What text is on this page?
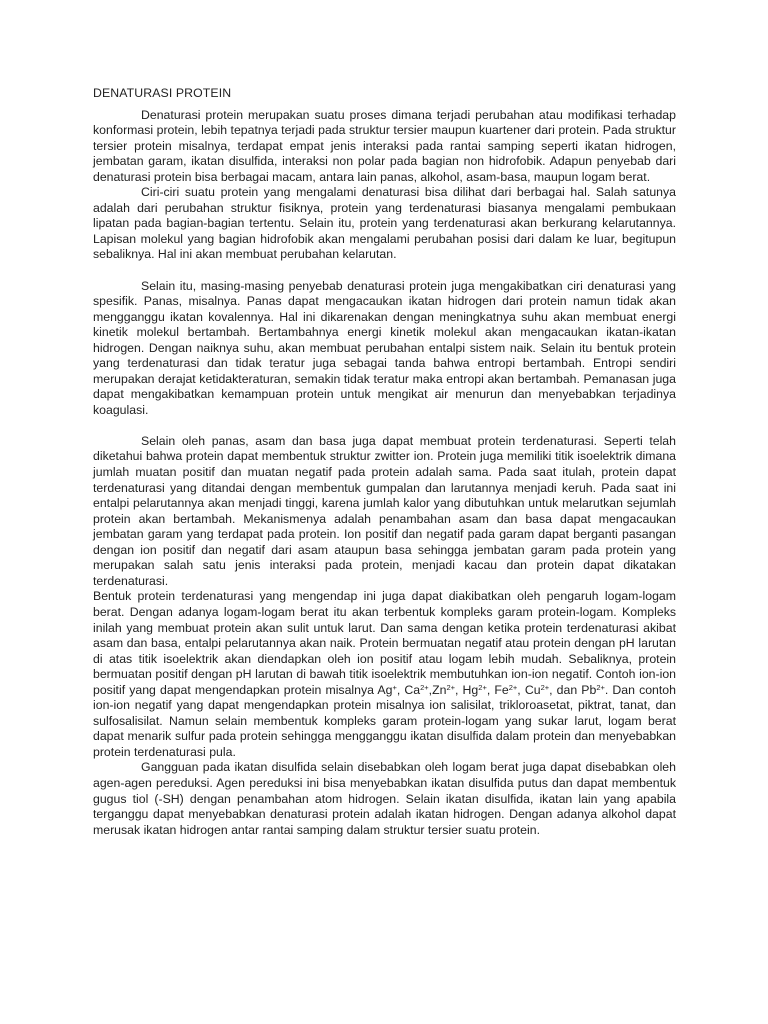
DENATURASI PROTEIN

Denaturasi protein merupakan suatu proses dimana terjadi perubahan atau modifikasi terhadap konformasi protein, lebih tepatnya terjadi pada struktur tersier maupun kuartener dari protein. Pada struktur tersier protein misalnya, terdapat empat jenis interaksi pada rantai samping seperti ikatan hidrogen, jembatan garam, ikatan disulfida, interaksi non polar pada bagian non hidrofobik. Adapun penyebab dari denaturasi protein bisa berbagai macam, antara lain panas, alkohol, asam-basa, maupun logam berat.

Ciri-ciri suatu protein yang mengalami denaturasi bisa dilihat dari berbagai hal. Salah satunya adalah dari perubahan struktur fisiknya, protein yang terdenaturasi biasanya mengalami pembukaan lipatan pada bagian-bagian tertentu. Selain itu, protein yang terdenaturasi akan berkurang kelarutannya. Lapisan molekul yang bagian hidrofobik akan mengalami perubahan posisi dari dalam ke luar, begitupun sebaliknya. Hal ini akan membuat perubahan kelarutan.

Selain itu, masing-masing penyebab denaturasi protein juga mengakibatkan ciri denaturasi yang spesifik. Panas, misalnya. Panas dapat mengacaukan ikatan hidrogen dari protein namun tidak akan mengganggu ikatan kovalennya. Hal ini dikarenakan dengan meningkatnya suhu akan membuat energi kinetik molekul bertambah. Bertambahnya energi kinetik molekul akan mengacaukan ikatan-ikatan hidrogen. Dengan naiknya suhu, akan membuat perubahan entalpi sistem naik. Selain itu bentuk protein yang terdenaturasi dan tidak teratur juga sebagai tanda bahwa entropi bertambah. Entropi sendiri merupakan derajat ketidakteraturan, semakin tidak teratur maka entropi akan bertambah. Pemanasan juga dapat mengakibatkan kemampuan protein untuk mengikat air menurun dan menyebabkan terjadinya koagulasi.

Selain oleh panas, asam dan basa juga dapat membuat protein terdenaturasi. Seperti telah diketahui bahwa protein dapat membentuk struktur zwitter ion. Protein juga memiliki titik isoelektrik dimana jumlah muatan positif dan muatan negatif pada protein adalah sama. Pada saat itulah, protein dapat terdenaturasi yang ditandai dengan membentuk gumpalan dan larutannya menjadi keruh. Pada saat ini entalpi pelarutannya akan menjadi tinggi, karena jumlah kalor yang dibutuhkan untuk melarutkan sejumlah protein akan bertambah. Mekanismenya adalah penambahan asam dan basa dapat mengacaukan jembatan garam yang terdapat pada protein. Ion positif dan negatif pada garam dapat berganti pasangan dengan ion positif dan negatif dari asam ataupun basa sehingga jembatan garam pada protein yang merupakan salah satu jenis interaksi pada protein, menjadi kacau dan protein dapat dikatakan terdenaturasi.

Bentuk protein terdenaturasi yang mengendap ini juga dapat diakibatkan oleh pengaruh logam-logam berat. Dengan adanya logam-logam berat itu akan terbentuk kompleks garam protein-logam. Kompleks inilah yang membuat protein akan sulit untuk larut. Dan sama dengan ketika protein terdenaturasi akibat asam dan basa, entalpi pelarutannya akan naik. Protein bermuatan negatif atau protein dengan pH larutan di atas titik isoelektrik akan diendapkan oleh ion positif atau logam lebih mudah. Sebaliknya, protein bermuatan positif dengan pH larutan di bawah titik isoelektrik membutuhkan ion-ion negatif. Contoh ion-ion positif yang dapat mengendapkan protein misalnya Ag+, $Ca^{2+},Zn^{2+}$, $Hg^{2+}$, $Fe^{2+}$, $Cu^{2+}$, dan $Pb^{2+}$. Dan contoh ion-ion negatif yang dapat mengendapkan protein misalnya ion salisilat, trikloroasetat, piktrat, tanat, dan sulfosalisilat. Namun selain membentuk kompleks garam protein-logam yang sukar larut, logam berat dapat menarik sulfur pada protein sehingga mengganggu ikatan disulfida dalam protein dan menyebabkan protein terdenaturasi pula.

Gangguan pada ikatan disulfida selain disebabkan oleh logam berat juga dapat disebabkan oleh agen-agen pereduksi. Agen pereduksi ini bisa menyebabkan ikatan disulfida putus dan dapat membentuk gugus tiol (-SH) dengan penambahan atom hidrogen. Selain ikatan disulfida, ikatan lain yang apabila terganggu dapat menyebabkan denaturasi protein adalah ikatan hidrogen. Dengan adanya alkohol dapat merusak ikatan hidrogen antar rantai samping dalam struktur tersier suatu protein.
